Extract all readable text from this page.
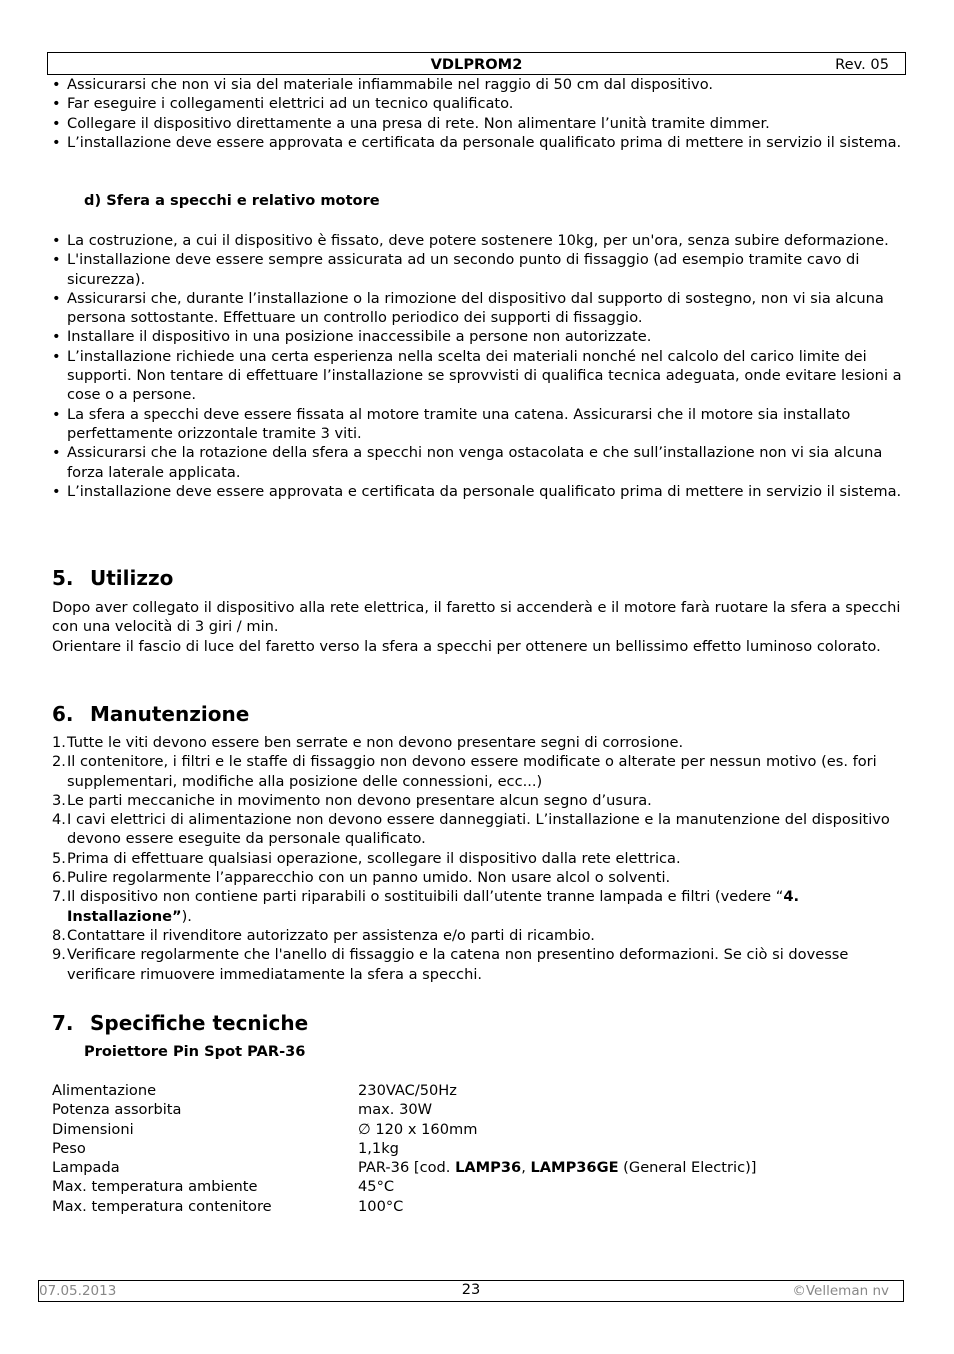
VDLPROM2	Rev. 05
• Assicurarsi che non vi sia del materiale infiammabile nel raggio di 50 cm dal dispositivo.
• Far eseguire i collegamenti elettrici ad un tecnico qualificato.
• Collegare il dispositivo direttamente a una presa di rete. Non alimentare l’unità tramite dimmer.
• L’installazione deve essere approvata e certificata da personale qualificato prima di mettere in servizio il sistema.
d) Sfera a specchi e relativo motore
• La costruzione, a cui il dispositivo è fissato, deve potere sostenere 10kg, per un'ora, senza subire deformazione.
• L'installazione deve essere sempre assicurata ad un secondo punto di fissaggio (ad esempio tramite cavo di sicurezza).
• Assicurarsi che, durante l’installazione o la rimozione del dispositivo dal supporto di sostegno, non vi sia alcuna persona sottostante. Effettuare un controllo periodico dei supporti di fissaggio.
• Installare il dispositivo in una posizione inaccessibile a persone non autorizzate.
• L’installazione richiede una certa esperienza nella scelta dei materiali nonché nel calcolo del carico limite dei supporti. Non tentare di effettuare l’installazione se sprovvisti di qualifica tecnica adeguata, onde evitare lesioni a cose o a persone.
• La sfera a specchi deve essere fissata al motore tramite una catena. Assicurarsi che il motore sia installato perfettamente orizzontale tramite 3 viti.
• Assicurarsi che la rotazione della sfera a specchi non venga ostacolata e che sull’installazione non vi sia alcuna forza laterale applicata.
• L’installazione deve essere approvata e certificata da personale qualificato prima di mettere in servizio il sistema.
5. Utilizzo

Dopo aver collegato il dispositivo alla rete elettrica, il faretto si accenderà e il motore farà ruotare la sfera a specchi con una velocità di 3 giri / min.

Orientare il fascio di luce del faretto verso la sfera a specchi per ottenere un bellissimo effetto luminoso colorato.

6. Manutenzione
1. Tutte le viti devono essere ben serrate e non devono presentare segni di corrosione.
2. Il contenitore, i filtri e le staffe di fissaggio non devono essere modificate o alterate per nessun motivo (es. fori supplementari, modifiche alla posizione delle connessioni, ecc...)
3. Le parti meccaniche in movimento non devono presentare alcun segno d’usura.
4. I cavi elettrici di alimentazione non devono essere danneggiati. L’installazione e la manutenzione del dispositivo devono essere eseguite da personale qualificato.
5. Prima di effettuare qualsiasi operazione, scollegare il dispositivo dalla rete elettrica.
6. Pulire regolarmente l’apparecchio con un panno umido. Non usare alcol o solventi.
7. Il dispositivo non contiene parti riparabili o sostituibili dall’utente tranne lampada e filtri (vedere “4. Installazione”).
8. Contattare il rivenditore autorizzato per assistenza e/o parti di ricambio.
9. Verificare regolarmente che l'anello di fissaggio e la catena non presentino deformazioni. Se ciò si dovesse verificare rimuovere immediatamente la sfera a specchi.
7. Specifiche tecniche
Proiettore Pin Spot PAR-36
Alimentazione	230VAC/50Hz
Potenza assorbita	max. 30W
Dimensioni	∅ 120 x 160mm
Peso	1,1kg
Lampada	PAR-36 [cod. LAMP36, LAMP36GE (General Electric)]
Max. temperatura ambiente	45°C
Max. temperatura contenitore	100°C
07.05.2013	23	©Velleman nv
